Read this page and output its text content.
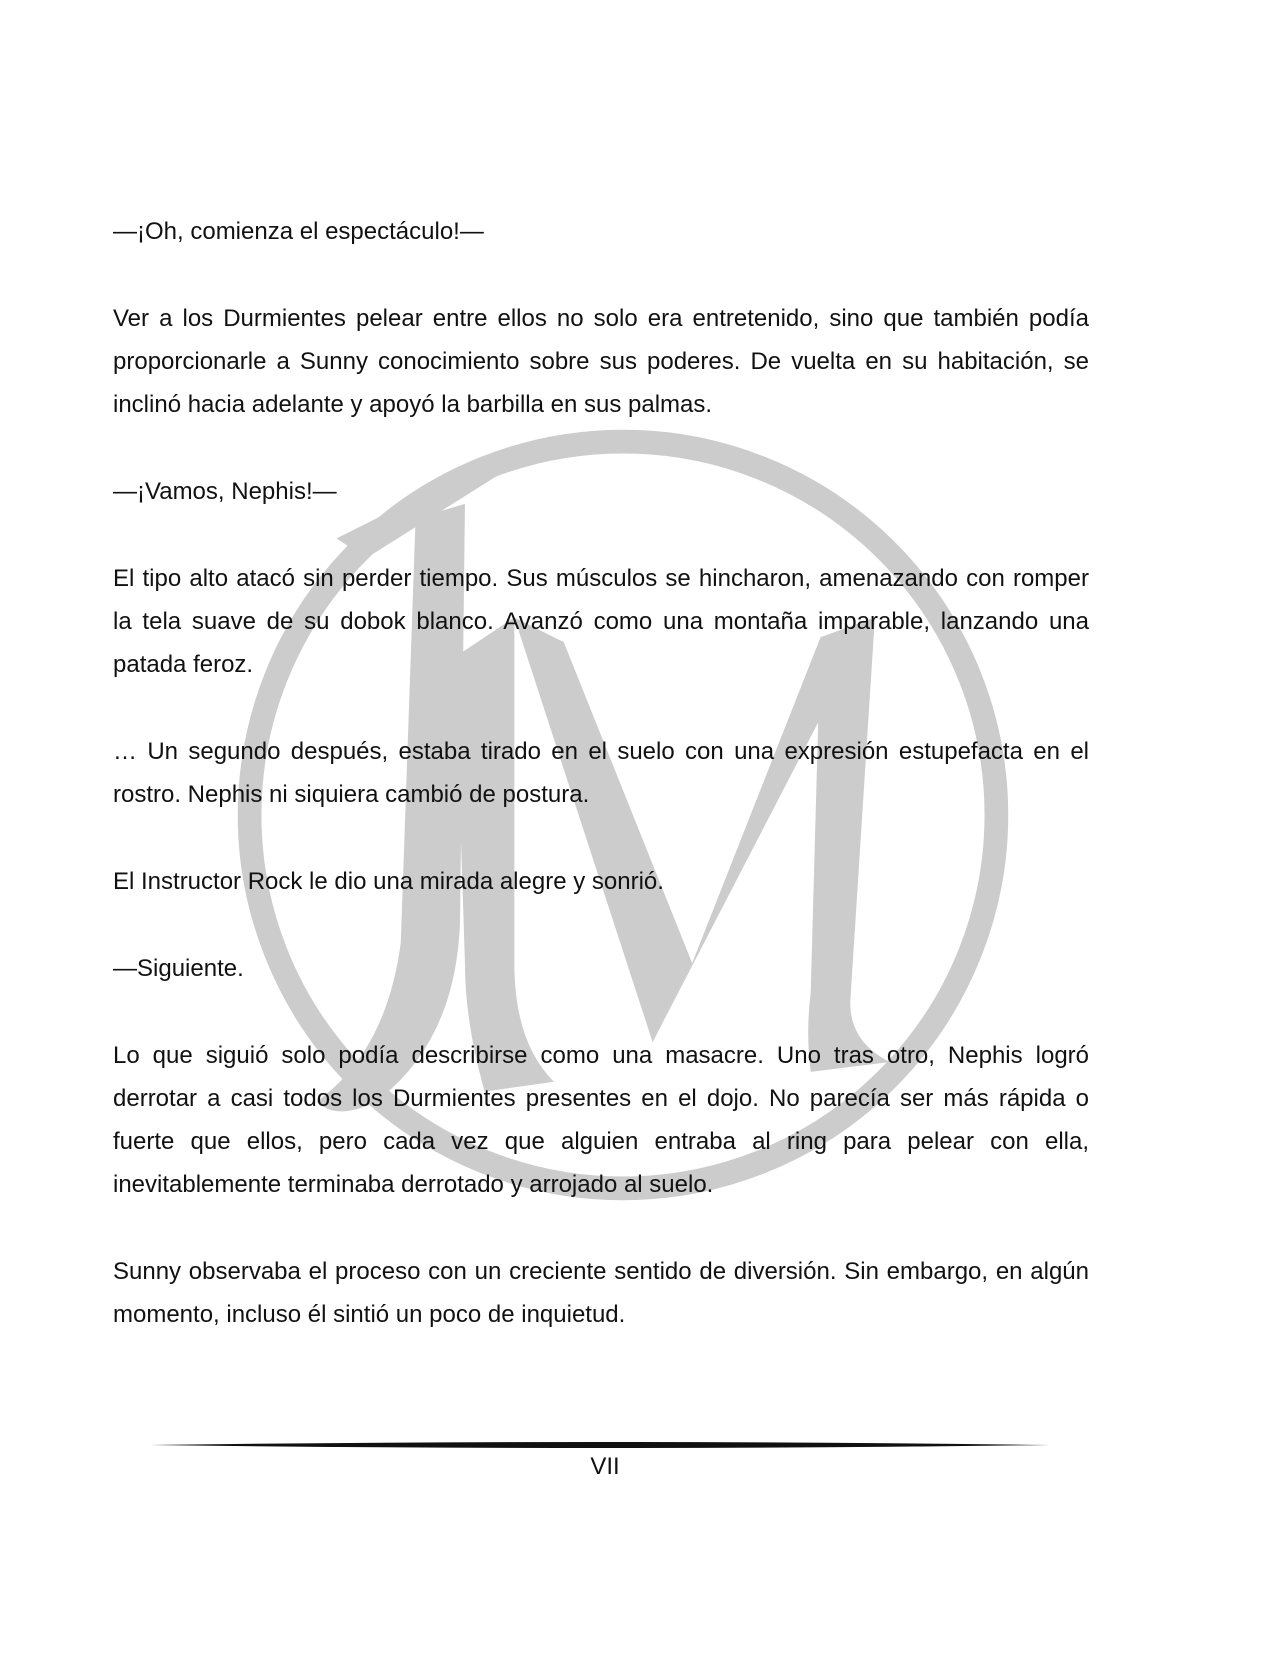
—¡Oh, comienza el espectáculo!—

Ver a los Durmientes pelear entre ellos no solo era entretenido, sino que también podía proporcionarle a Sunny conocimiento sobre sus poderes. De vuelta en su habitación, se inclinó hacia adelante y apoyó la barbilla en sus palmas.

—¡Vamos, Nephis!—

El tipo alto atacó sin perder tiempo. Sus músculos se hincharon, amenazando con romper la tela suave de su dobok blanco. Avanzó como una montaña imparable, lanzando una patada feroz.

… Un segundo después, estaba tirado en el suelo con una expresión estupefacta en el rostro. Nephis ni siquiera cambió de postura.

El Instructor Rock le dio una mirada alegre y sonrió.

—Siguiente.

Lo que siguió solo podía describirse como una masacre. Uno tras otro, Nephis logró derrotar a casi todos los Durmientes presentes en el dojo. No parecía ser más rápida o fuerte que ellos, pero cada vez que alguien entraba al ring para pelear con ella, inevitablemente terminaba derrotado y arrojado al suelo.

Sunny observaba el proceso con un creciente sentido de diversión. Sin embargo, en algún momento, incluso él sintió un poco de inquietud.

VII
